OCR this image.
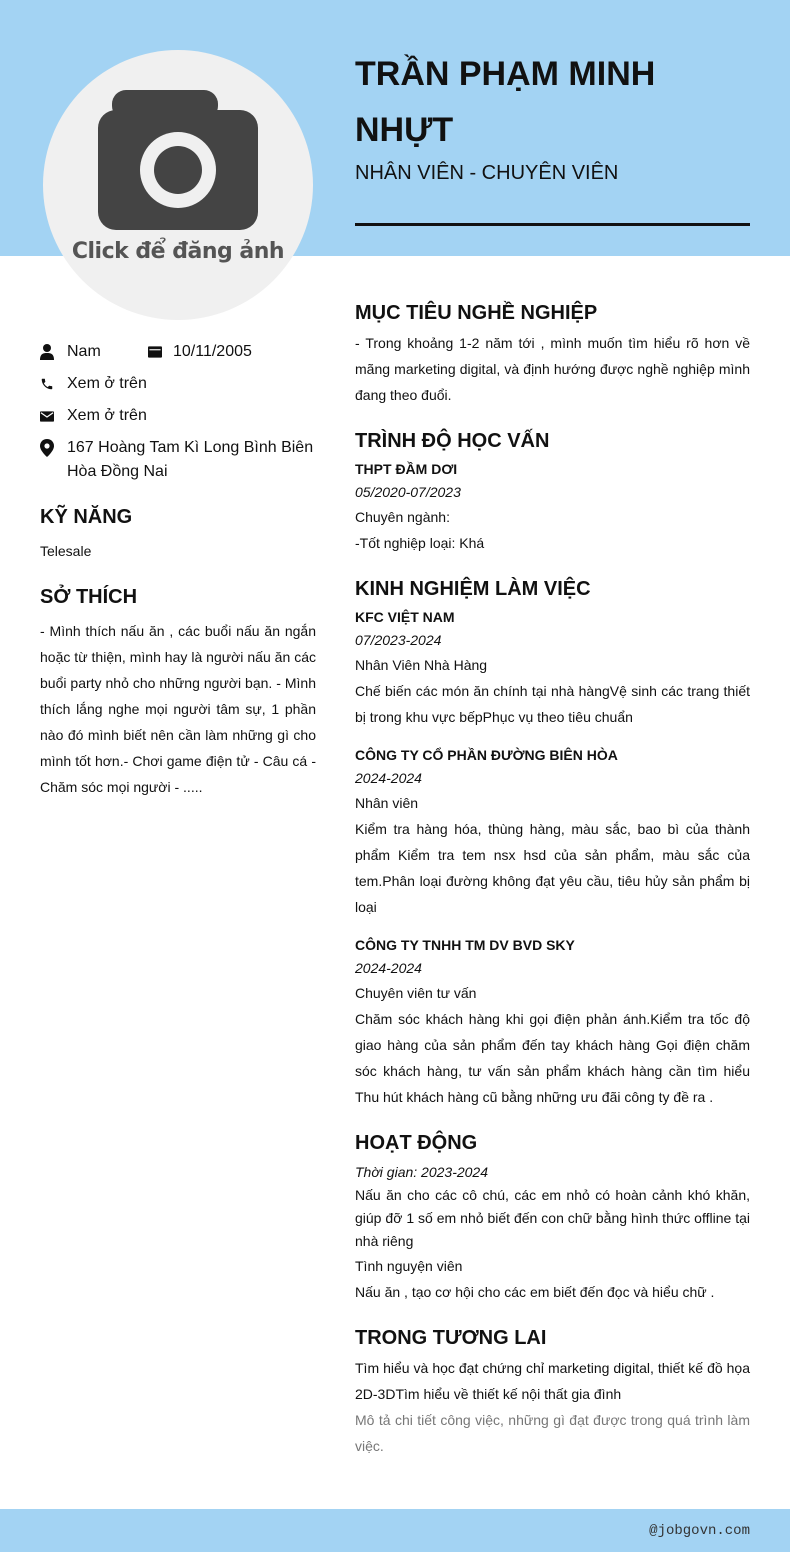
Click để đăng ảnh
TRẦN PHẠM MINH NHỰT
NHÂN VIÊN - CHUYÊN VIÊN
Nam	10/11/2005
Xem ở trên
Xem ở trên
167 Hoàng Tam Kì Long Bình Biên Hòa Đồng Nai
KỸ NĂNG
Telesale
SỞ THÍCH
- Mình thích nấu ăn , các buổi nấu ăn ngắn hoặc từ thiện, mình hay là người nấu ăn các buổi party nhỏ cho những người bạn. - Mình thích lắng nghe mọi người tâm sự, 1 phần nào đó mình biết nên cần làm những gì cho mình tốt hơn.- Chơi game điện tử - Câu cá - Chăm sóc mọi người - .....
MỤC TIÊU NGHỀ NGHIỆP
- Trong khoảng 1-2 năm tới , mình muốn tìm hiểu rõ hơn về mãng marketing digital, và định hướng được nghề nghiệp mình đang theo đuổi.
TRÌNH ĐỘ HỌC VẤN
THPT ĐẦM DƠI
05/2020-07/2023
Chuyên ngành:
-Tốt nghiệp loại: Khá
KINH NGHIỆM LÀM VIỆC
KFC VIỆT NAM
07/2023-2024
Nhân Viên Nhà Hàng
Chế biến các món ăn chính tại nhà hàngVệ sinh các trang thiết bị trong khu vực bếpPhục vụ theo tiêu chuẩn
CÔNG TY CỔ PHẦN ĐƯỜNG BIÊN HÒA
2024-2024
Nhân viên
Kiểm tra hàng hóa, thùng hàng, màu sắc, bao bì của thành phẩm Kiểm tra tem nsx hsd của sản phẩm, màu sắc của tem.Phân loại đường không đạt yêu cầu, tiêu hủy sản phẩm bị loại
CÔNG TY TNHH TM DV BVD SKY
2024-2024
Chuyên viên tư vấn
Chăm sóc khách hàng khi gọi điện phản ánh.Kiểm tra tốc độ giao hàng của sản phẩm đến tay khách hàng Gọi điện chăm sóc khách hàng, tư vấn sản phẩm khách hàng cần tìm hiểu Thu hút khách hàng cũ bằng những ưu đãi công ty đề ra .
HOẠT ĐỘNG
Thời gian: 2023-2024
Nấu ăn cho các cô chú, các em nhỏ có hoàn cảnh khó khăn, giúp đỡ 1 số em nhỏ biết đến con chữ bằng hình thức offline tại nhà riêng
Tình nguyện viên
Nấu ăn , tạo cơ hội cho các em biết đến đọc và hiểu chữ .
TRONG TƯƠNG LAI
Tìm hiểu và học đạt chứng chỉ marketing digital, thiết kế đồ họa 2D-3DTìm hiểu về thiết kế nội thất gia đình
Mô tả chi tiết công việc, những gì đạt được trong quá trình làm việc.
@jobgovn.com
